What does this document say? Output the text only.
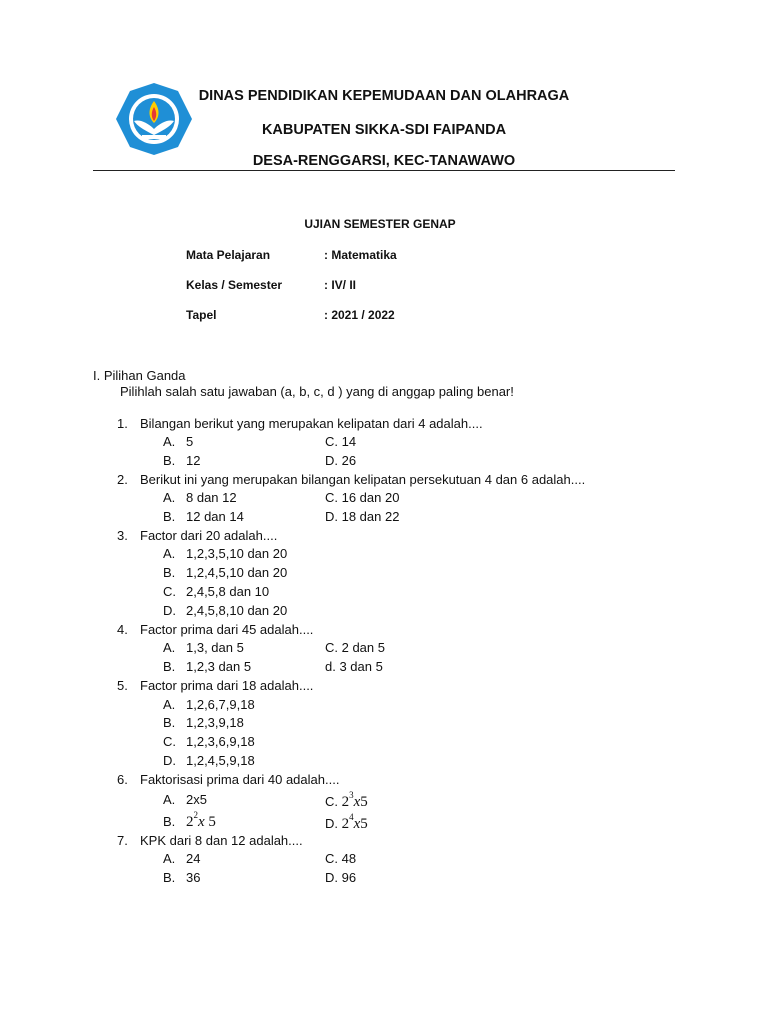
DINAS PENDIDIKAN KEPEMUDAAN DAN OLAHRAGA
KABUPATEN SIKKA-SDI FAIPANDA
DESA-RENGGARSI, KEC-TANAWAWO
UJIAN SEMESTER GENAP
Mata Pelajaran	: Matematika
Kelas / Semester	: IV/ II
Tapel	: 2021 / 2022
I. Pilihan Ganda
Pilihlah salah satu jawaban (a, b, c, d ) yang di anggap paling benar!
1. Bilangan berikut yang merupakan kelipatan dari 4 adalah....
A. 5	C. 14
B. 12	D. 26
2. Berikut ini yang merupakan bilangan kelipatan persekutuan 4 dan 6 adalah....
A. 8 dan 12	C. 16 dan 20
B. 12 dan 14	D. 18 dan 22
3. Factor dari 20 adalah....
A. 1,2,3,5,10 dan 20
B. 1,2,4,5,10 dan 20
C. 2,4,5,8 dan 10
D. 2,4,5,8,10 dan 20
4. Factor prima dari 45 adalah....
A. 1,3, dan 5	C. 2 dan 5
B. 1,2,3 dan 5	d. 3 dan 5
5. Factor prima dari 18 adalah....
A. 1,2,6,7,9,18
B. 1,2,3,9,18
C. 1,2,3,6,9,18
D. 1,2,4,5,9,18
6. Faktorisasi prima dari 40 adalah....
A. 2x5	C. $2^3x5$
B. $2^2x$ 5	D. $2^4x5$
7. KPK dari 8 dan 12 adalah....
A. 24	C. 48
B. 36	D. 96
